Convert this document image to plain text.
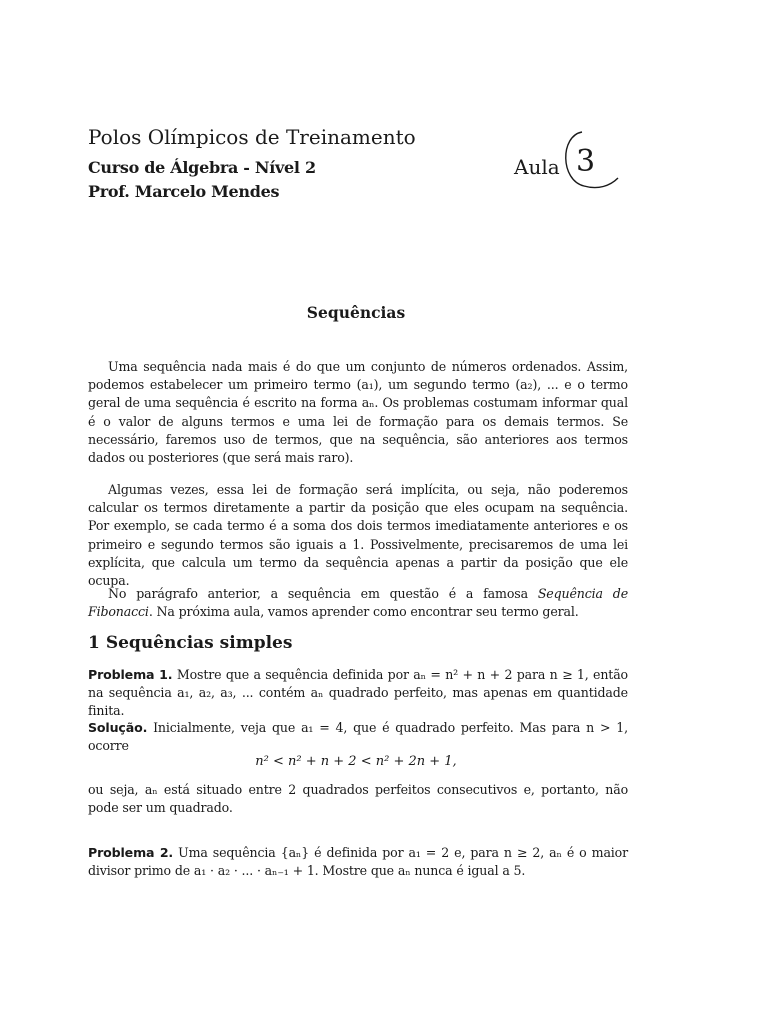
Polos Olímpicos de Treinamento
Curso de Álgebra - Nível 2
Prof. Marcelo Mendes
Aula 3
Sequências

Uma sequência nada mais é do que um conjunto de números ordenados. Assim, podemos estabelecer um primeiro termo (a₁), um segundo termo (a₂), ... e o termo geral de uma sequência é escrito na forma aₙ. Os problemas costumam informar qual é o valor de alguns termos e uma lei de formação para os demais termos. Se necessário, faremos uso de termos, que na sequência, são anteriores aos termos dados ou posteriores (que será mais raro).

Algumas vezes, essa lei de formação será implícita, ou seja, não poderemos calcular os termos diretamente a partir da posição que eles ocupam na sequência. Por exemplo, se cada termo é a soma dos dois termos imediatamente anteriores e os primeiro e segundo termos são iguais a 1. Possivelmente, precisaremos de uma lei explícita, que calcula um termo da sequência apenas a partir da posição que ele ocupa.

No parágrafo anterior, a sequência em questão é a famosa Sequência de Fibonacci. Na próxima aula, vamos aprender como encontrar seu termo geral.

1 Sequências simples

Problema 1. Mostre que a sequência definida por aₙ = n² + n + 2 para n ≥ 1, então na sequência a₁, a₂, a₃, ... contém aₙ quadrado perfeito, mas apenas em quantidade finita.

Solução. Inicialmente, veja que a₁ = 4, que é quadrado perfeito. Mas para n > 1, ocorre

n² < n² + n + 2 < n² + 2n + 1,

ou seja, aₙ está situado entre 2 quadrados perfeitos consecutivos e, portanto, não pode ser um quadrado.

Problema 2. Uma sequência {aₙ} é definida por a₁ = 2 e, para n ≥ 2, aₙ é o maior divisor primo de a₁ · a₂ · ... · aₙ₋₁ + 1. Mostre que aₙ nunca é igual a 5.
